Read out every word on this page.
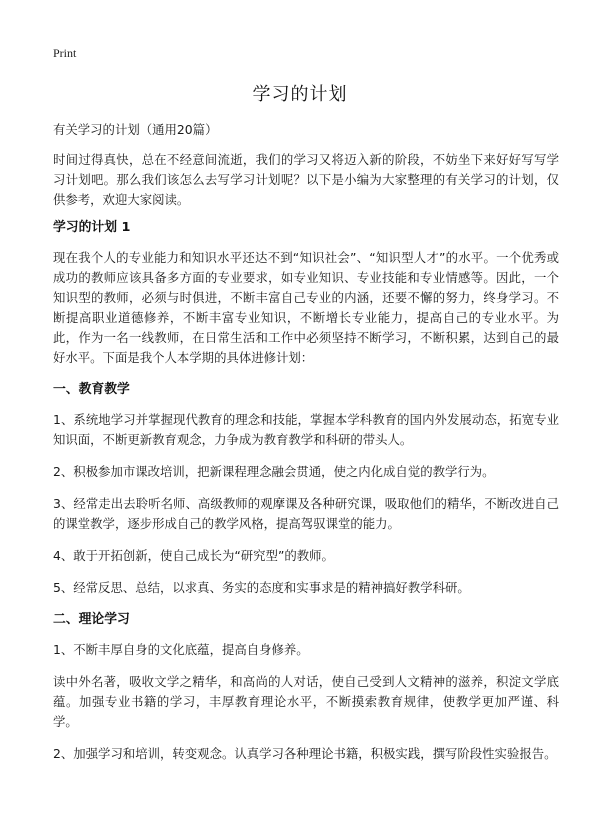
Print
学习的计划

有关学习的计划（通用20篇）

时间过得真快，总在不经意间流逝，我们的学习又将迈入新的阶段，不妨坐下来好好写写学习计划吧。那么我们该怎么去写学习计划呢？以下是小编为大家整理的有关学习的计划，仅供参考，欢迎大家阅读。

学习的计划 1

现在我个人的专业能力和知识水平还达不到“知识社会”、“知识型人才”的水平。一个优秀或成功的教师应该具备多方面的专业要求，如专业知识、专业技能和专业情感等。因此，一个知识型的教师，必须与时俱进，不断丰富自己专业的内涵，还要不懈的努力，终身学习。不断提高职业道德修养，不断丰富专业知识，不断增长专业能力，提高自己的专业水平。为此，作为一名一线教师，在日常生活和工作中必须坚持不断学习，不断积累，达到自己的最好水平。下面是我个人本学期的具体进修计划：

一、教育教学

1、系统地学习并掌握现代教育的理念和技能，掌握本学科教育的国内外发展动态，拓宽专业知识面，不断更新教育观念，力争成为教育教学和科研的带头人。

2、积极参加市课改培训，把新课程理念融会贯通，使之内化成自觉的教学行为。

3、经常走出去聆听名师、高级教师的观摩课及各种研究课，吸取他们的精华，不断改进自己的课堂教学，逐步形成自己的教学风格，提高驾驭课堂的能力。

4、敢于开拓创新，使自己成长为“研究型”的教师。

5、经常反思、总结，以求真、务实的态度和实事求是的精神搞好教学科研。

二、理论学习

1、不断丰厚自身的文化底蕴，提高自身修养。

读中外名著，吸收文学之精华，和高尚的人对话，使自己受到人文精神的滋养，积淀文学底蕴。加强专业书籍的学习，丰厚教育理论水平，不断摸索教育规律，使教学更加严谨、科学。

2、加强学习和培训，转变观念。认真学习各种理论书籍，积极实践，撰写阶段性实验报告。
